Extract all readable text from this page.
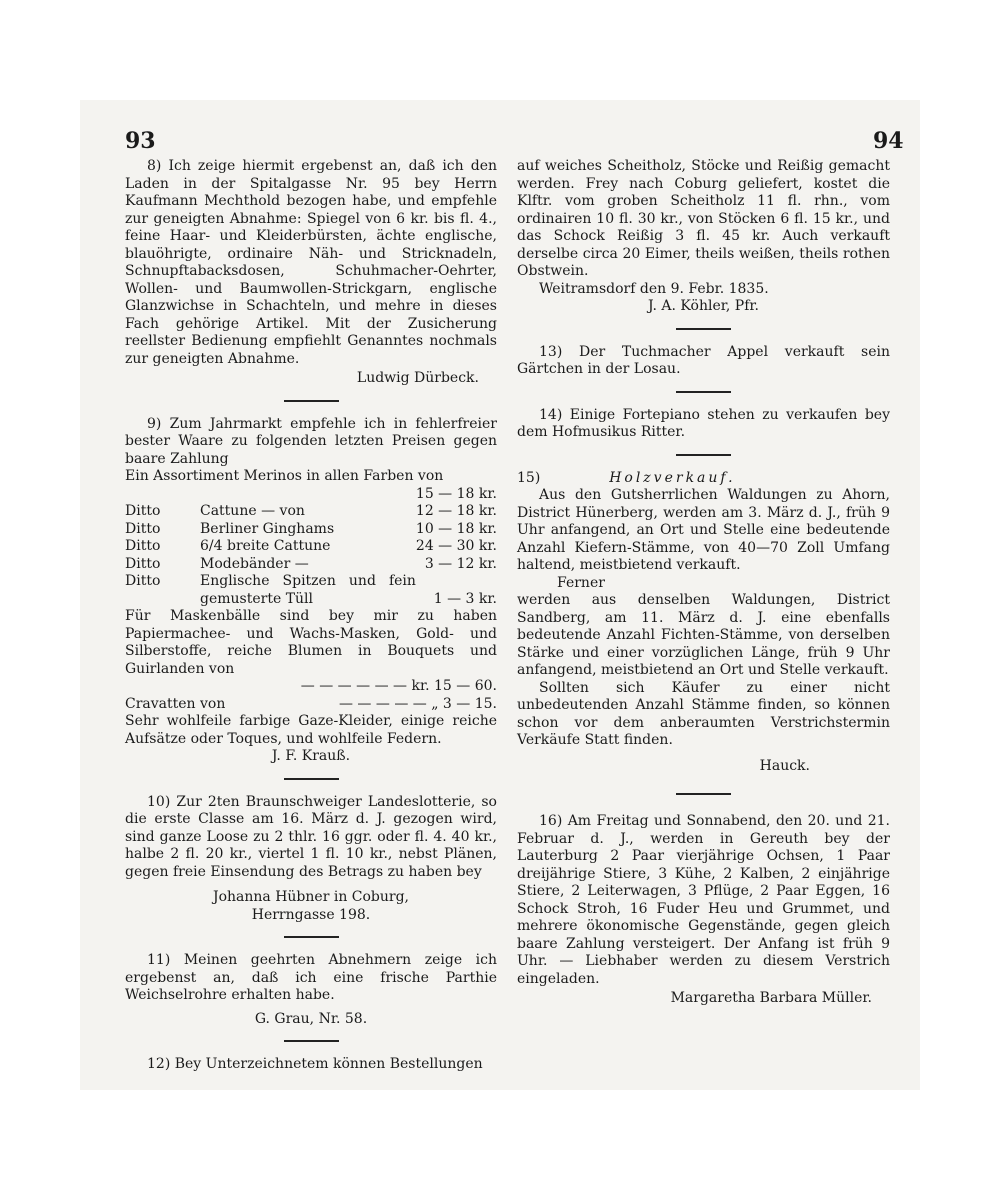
93	94

8) Ich zeige hiermit ergebenst an, daß ich den Laden in der Spitalgasse Nr. 95 bey Herrn Kaufmann Mechthold bezogen habe, und empfehle zur geneigten Abnahme: Spiegel von 6 kr. bis fl. 4., feine Haar- und Kleiderbürsten, ächte englische, blauöhrigte, ordinaire Näh- und Stricknadeln, Schnupftabacksdosen, Schuhmacher-Oehrter, Wollen- und Baumwollen-Strickgarn, englische Glanzwichse in Schachteln, und mehre in dieses Fach gehörige Artikel. Mit der Zusicherung reellster Bedienung empfiehlt Genanntes nochmals zur geneigten Abnahme.

Ludwig Dürbeck.

9) Zum Jahrmarkt empfehle ich in fehlerfreier bester Waare zu folgenden letzten Preisen gegen baare Zahlung

Ein Assortiment Merinos in allen Farben von

15 — 18 kr.

Ditto	Cattune — von	12 — 18 kr.
Ditto	Berliner Ginghams	10 — 18 kr.
Ditto	6/4 breite Cattune	24 — 30 kr.
Ditto	Modebänder —	3 — 12 kr.
Ditto	Englische Spitzen und fein gemusterte Tüll	1 — 3 kr.

Für Maskenbälle sind bey mir zu haben Papiermachee- und Wachs-Masken, Gold- und Silberstoffe, reiche Blumen in Bouquets und Guirlanden von

— — — — — — kr. 15 — 60.

Cravatten von	— — — — — „ 3 — 15.

Sehr wohlfeile farbige Gaze-Kleider, einige reiche Aufsätze oder Toques, und wohlfeile Federn.

J. F. Krauß.

10) Zur 2ten Braunschweiger Landeslotterie, so die erste Classe am 16. März d. J. gezogen wird, sind ganze Loose zu 2 thlr. 16 ggr. oder fl. 4. 40 kr., halbe 2 fl. 20 kr., viertel 1 fl. 10 kr., nebst Plänen, gegen freie Einsendung des Betrags zu haben bey

Johanna Hübner in Coburg,

Herrngasse 198.

11) Meinen geehrten Abnehmern zeige ich ergebenst an, daß ich eine frische Parthie Weichselrohre erhalten habe.

G. Grau, Nr. 58.

12) Bey Unterzeichnetem können Bestellungen

auf weiches Scheitholz, Stöcke und Reißig gemacht werden. Frey nach Coburg geliefert, kostet die Klftr. vom groben Scheitholz 11 fl. rhn., vom ordinairen 10 fl. 30 kr., von Stöcken 6 fl. 15 kr., und das Schock Reißig 3 fl. 45 kr. Auch verkauft derselbe circa 20 Eimer, theils weißen, theils rothen Obstwein.

Weitramsdorf den 9. Febr. 1835.

J. A. Köhler, Pfr.

13) Der Tuchmacher Appel verkauft sein Gärtchen in der Losau.

14) Einige Fortepiano stehen zu verkaufen bey dem Hofmusikus Ritter.

15)	Holzverkauf.

Aus den Gutsherrlichen Waldungen zu Ahorn, District Hünerberg, werden am 3. März d. J., früh 9 Uhr anfangend, an Ort und Stelle eine bedeutende Anzahl Kiefern-Stämme, von 40—70 Zoll Umfang haltend, meistbietend verkauft.

Ferner

werden aus denselben Waldungen, District Sandberg, am 11. März d. J. eine ebenfalls bedeutende Anzahl Fichten-Stämme, von derselben Stärke und einer vorzüglichen Länge, früh 9 Uhr anfangend, meistbietend an Ort und Stelle verkauft.

Sollten sich Käufer zu einer nicht unbedeutenden Anzahl Stämme finden, so können schon vor dem anberaumten Verstrichstermin Verkäufe Statt finden.

Hauck.

16) Am Freitag und Sonnabend, den 20. und 21. Februar d. J., werden in Gereuth bey der Lauterburg 2 Paar vierjährige Ochsen, 1 Paar dreijährige Stiere, 3 Kühe, 2 Kalben, 2 einjährige Stiere, 2 Leiterwagen, 3 Pflüge, 2 Paar Eggen, 16 Schock Stroh, 16 Fuder Heu und Grummet, und mehrere ökonomische Gegenstände, gegen gleich baare Zahlung versteigert. Der Anfang ist früh 9 Uhr. — Liebhaber werden zu diesem Verstrich eingeladen.

Margaretha Barbara Müller.
